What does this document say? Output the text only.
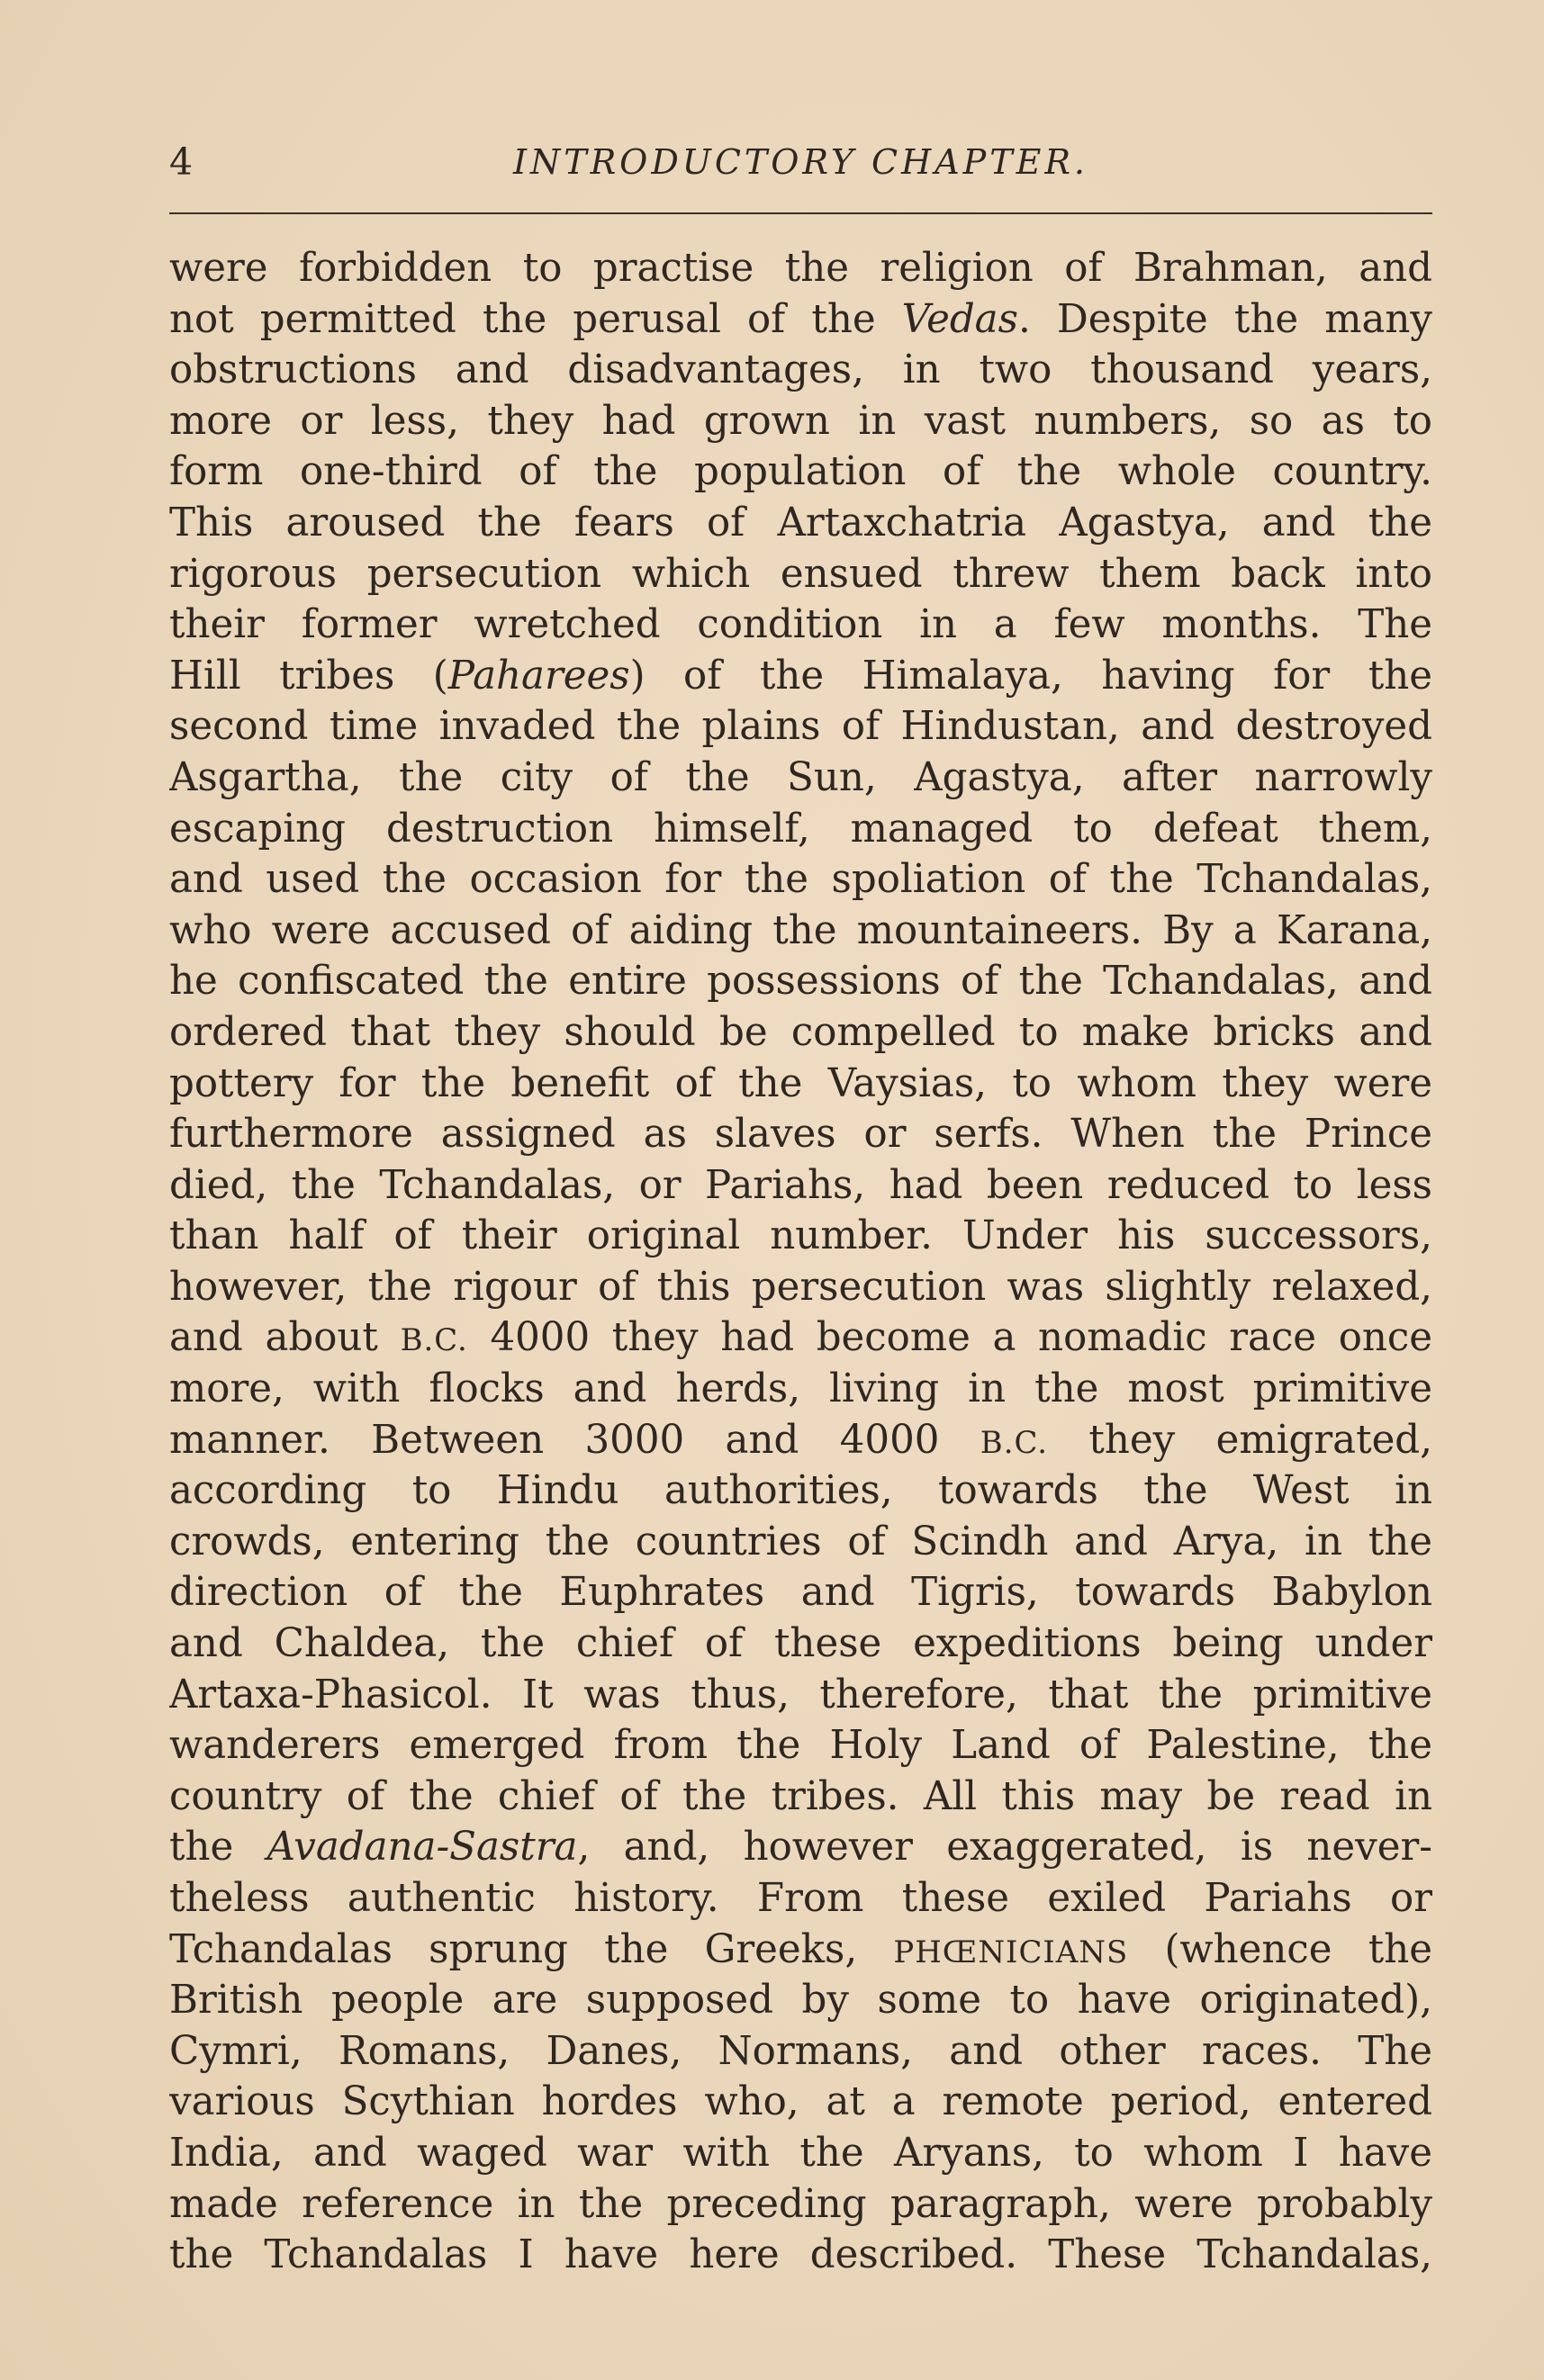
4	INTRODUCTORY CHAPTER.
were forbidden to practise the religion of Brahman, and
not permitted the perusal of the Vedas. Despite the many
obstructions and disadvantages, in two thousand years,
more or less, they had grown in vast numbers, so as to
form one-third of the population of the whole country.
This aroused the fears of Artaxchatria Agastya, and the
rigorous persecution which ensued threw them back into
their former wretched condition in a few months. The
Hill tribes (Paharees) of the Himalaya, having for the
second time invaded the plains of Hindustan, and destroyed
Asgartha, the city of the Sun, Agastya, after narrowly
escaping destruction himself, managed to defeat them,
and used the occasion for the spoliation of the Tchandalas,
who were accused of aiding the mountaineers. By a Karana,
he confiscated the entire possessions of the Tchandalas, and
ordered that they should be compelled to make bricks and
pottery for the benefit of the Vaysias, to whom they were
furthermore assigned as slaves or serfs. When the Prince
died, the Tchandalas, or Pariahs, had been reduced to less
than half of their original number. Under his successors,
however, the rigour of this persecution was slightly relaxed,
and about B.C. 4000 they had become a nomadic race once
more, with flocks and herds, living in the most primitive
manner. Between 3000 and 4000 B.C. they emigrated,
according to Hindu authorities, towards the West in
crowds, entering the countries of Scindh and Arya, in the
direction of the Euphrates and Tigris, towards Babylon
and Chaldea, the chief of these expeditions being under
Artaxa-Phasicol. It was thus, therefore, that the primitive
wanderers emerged from the Holy Land of Palestine, the
country of the chief of the tribes. All this may be read in
the Avadana-Sastra, and, however exaggerated, is never-
theless authentic history. From these exiled Pariahs or
Tchandalas sprung the Greeks, PHŒNICIANS (whence the
British people are supposed by some to have originated),
Cymri, Romans, Danes, Normans, and other races. The
various Scythian hordes who, at a remote period, entered
India, and waged war with the Aryans, to whom I have
made reference in the preceding paragraph, were probably
the Tchandalas I have here described. These Tchandalas,
